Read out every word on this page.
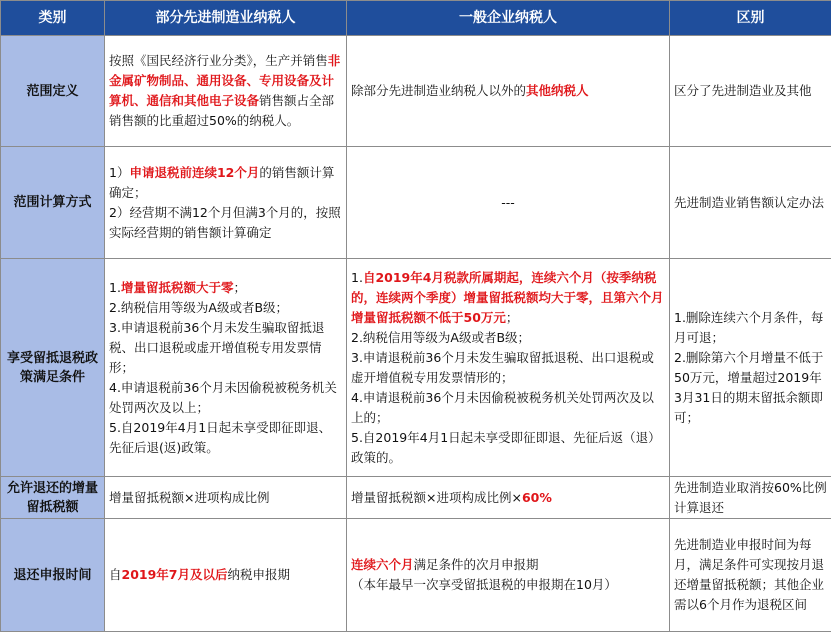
类别	部分先进制造业纳税人	一般企业纳税人	区别
范围定义	按照《国民经济行业分类》，生产并销售非金属矿物制品、通用设备、专用设备及计算机、通信和其他电子设备销售额占全部销售额的比重超过50%的纳税人。	除部分先进制造业纳税人以外的其他纳税人	区分了先进制造业及其他
范围计算方式	1）申请退税前连续12个月的销售额计算确定；
2）经营期不满12个月但满3个月的，按照实际经营期的销售额计算确定	---	先进制造业销售额认定办法
享受留抵退税政策满足条件	1.增量留抵税额大于零；
2.纳税信用等级为A级或者B级；
3.申请退税前36个月未发生骗取留抵退税、出口退税或虚开增值税专用发票情形；
4.申请退税前36个月未因偷税被税务机关处罚两次及以上；
5.自2019年4月1日起未享受即征即退、先征后退(返)政策。	1.自2019年4月税款所属期起，连续六个月（按季纳税的，连续两个季度）增量留抵税额均大于零，且第六个月增量留抵税额不低于50万元；
2.纳税信用等级为A级或者B级；
3.申请退税前36个月未发生骗取留抵退税、出口退税或虚开增值税专用发票情形的；
4.申请退税前36个月未因偷税被税务机关处罚两次及以上的；
5.自2019年4月1日起未享受即征即退、先征后返（退）政策的。	1.删除连续六个月条件，每月可退；
2.删除第六个月增量不低于50万元，增量超过2019年3月31日的期末留抵余额即可；
允许退还的增量留抵税额	增量留抵税额×进项构成比例	增量留抵税额×进项构成比例×60%	先进制造业取消按60%比例计算退还
退还申报时间	自2019年7月及以后纳税申报期	连续六个月满足条件的次月申报期
（本年最早一次享受留抵退税的申报期在10月）	先进制造业申报时间为每月，满足条件可实现按月退还增量留抵税额；其他企业需以6个月作为退税区间
